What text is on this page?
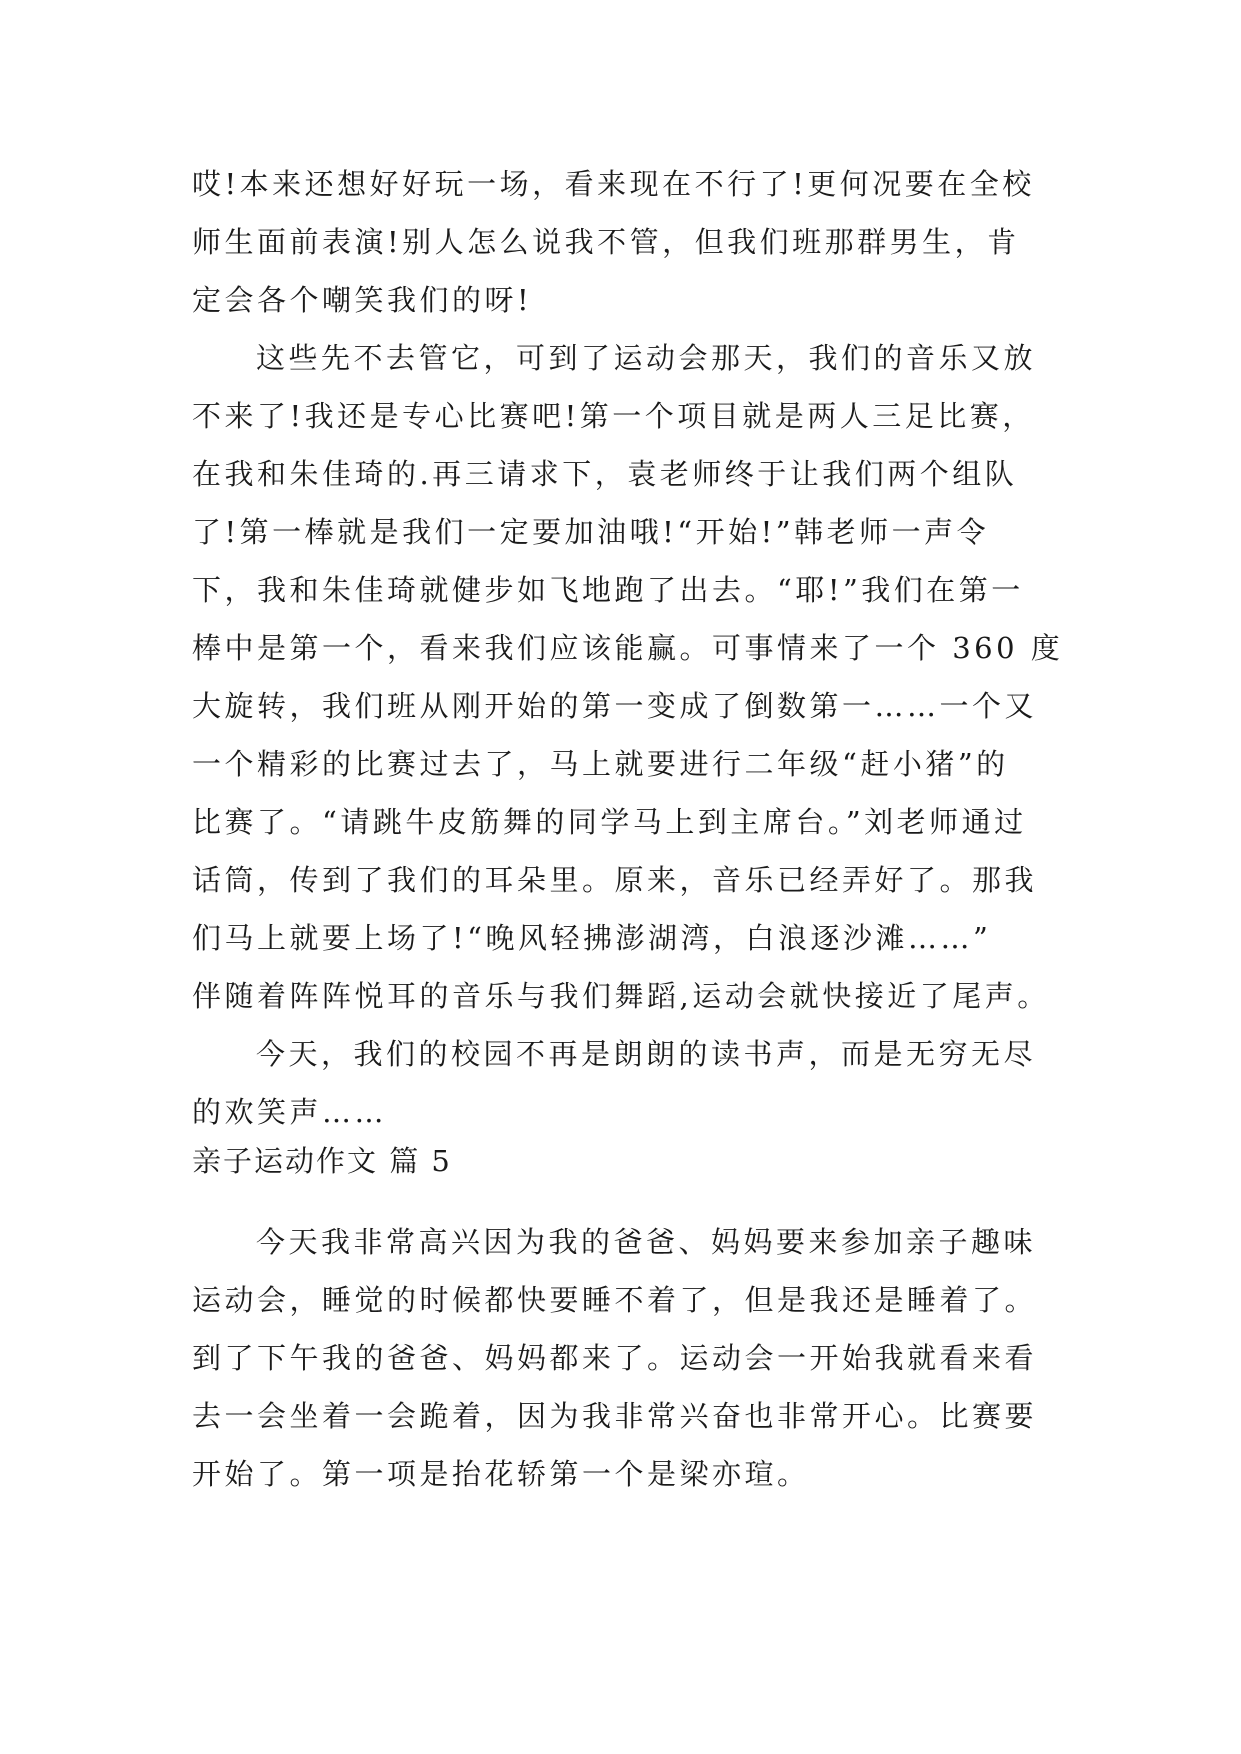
哎!本来还想好好玩一场，看来现在不行了!更何况要在全校
师生面前表演!别人怎么说我不管，但我们班那群男生，肯
定会各个嘲笑我们的呀!
这些先不去管它，可到了运动会那天，我们的音乐又放
不来了!我还是专心比赛吧!第一个项目就是两人三足比赛，
在我和朱佳琦的.再三请求下，袁老师终于让我们两个组队
了!第一棒就是我们一定要加油哦!“开始!”韩老师一声令
下，我和朱佳琦就健步如飞地跑了出去。“耶!”我们在第一
棒中是第一个，看来我们应该能赢。可事情来了一个 360 度
大旋转，我们班从刚开始的第一变成了倒数第一……一个又
一个精彩的比赛过去了，马上就要进行二年级“赶小猪”的
比赛了。“请跳牛皮筋舞的同学马上到主席台。”刘老师通过
话筒，传到了我们的耳朵里。原来，音乐已经弄好了。那我
们马上就要上场了!“晚风轻拂澎湖湾，白浪逐沙滩……”
伴随着阵阵悦耳的音乐与我们舞蹈,运动会就快接近了尾声。
今天，我们的校园不再是朗朗的读书声，而是无穷无尽
的欢笑声……
亲子运动作文 篇 5
今天我非常高兴因为我的爸爸、妈妈要来参加亲子趣味
运动会，睡觉的时候都快要睡不着了，但是我还是睡着了。
到了下午我的爸爸、妈妈都来了。运动会一开始我就看来看
去一会坐着一会跪着，因为我非常兴奋也非常开心。比赛要
开始了。第一项是抬花轿第一个是梁亦瑄。
